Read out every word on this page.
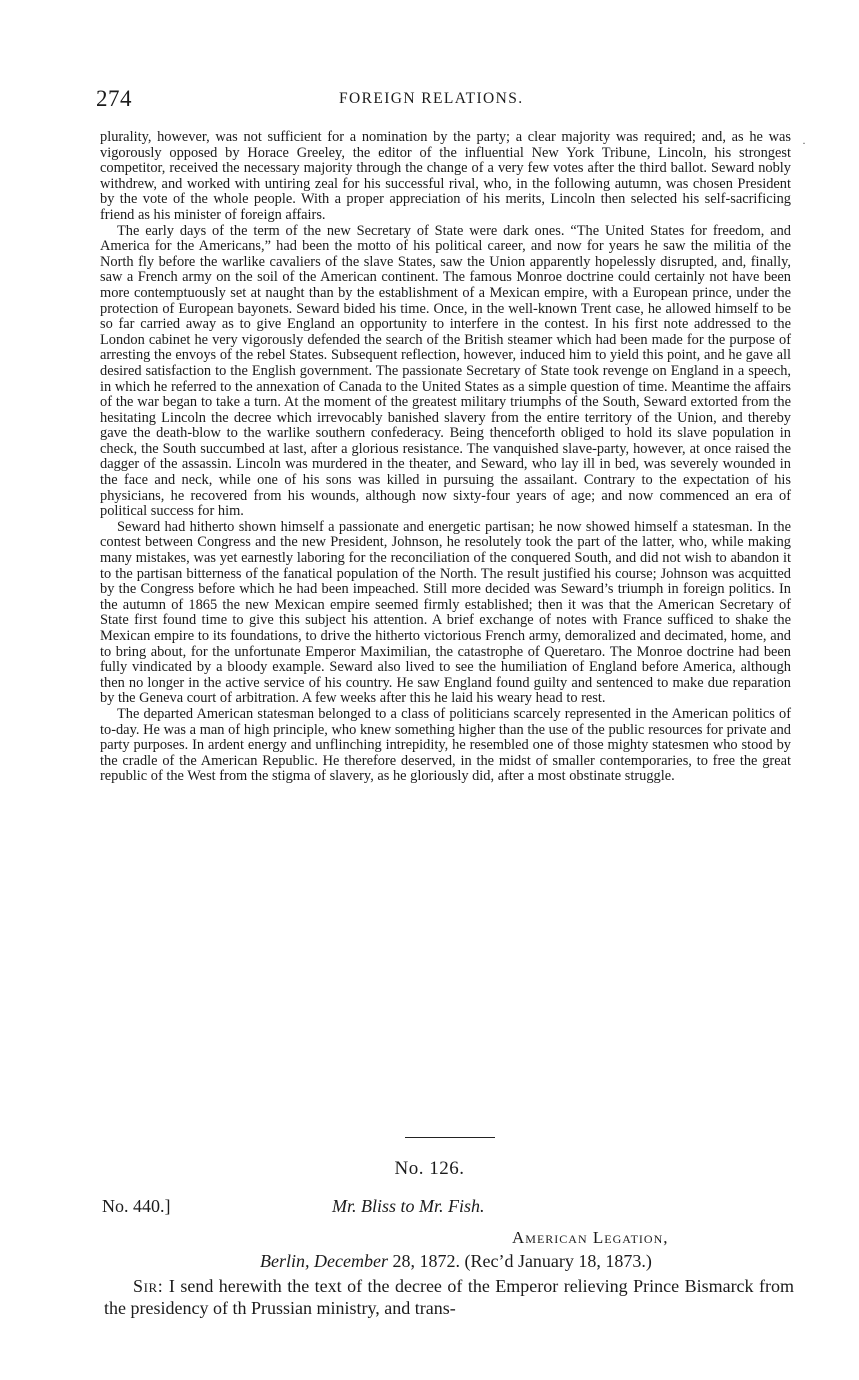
274	FOREIGN RELATIONS.

plurality, however, was not sufficient for a nomination by the party; a clear majority was required; and, as he was vigorously opposed by Horace Greeley, the editor of the influential New York Tribune, Lincoln, his strongest competitor, received the necessary majority through the change of a very few votes after the third ballot. Seward nobly withdrew, and worked with untiring zeal for his successful rival, who, in the following autumn, was chosen President by the vote of the whole people. With a proper appreciation of his merits, Lincoln then selected his self-sacrificing friend as his minister of foreign affairs.

The early days of the term of the new Secretary of State were dark ones. “The United States for freedom, and America for the Americans,” had been the motto of his political career, and now for years he saw the militia of the North fly before the warlike cavaliers of the slave States, saw the Union apparently hopelessly disrupted, and, finally, saw a French army on the soil of the American continent. The famous Monroe doctrine could certainly not have been more contemptuously set at naught than by the establishment of a Mexican empire, with a European prince, under the protection of European bayonets. Seward bided his time. Once, in the well-known Trent case, he allowed himself to be so far carried away as to give England an opportunity to interfere in the contest. In his first note addressed to the London cabinet he very vigorously defended the search of the British steamer which had been made for the purpose of arresting the envoys of the rebel States. Subsequent reflection, however, induced him to yield this point, and he gave all desired satisfaction to the English government. The passionate Secretary of State took revenge on England in a speech, in which he referred to the annexation of Canada to the United States as a simple question of time. Meantime the affairs of the war began to take a turn. At the moment of the greatest military triumphs of the South, Seward extorted from the hesitating Lincoln the decree which irrevocably banished slavery from the entire territory of the Union, and thereby gave the death-blow to the warlike southern confederacy. Being thenceforth obliged to hold its slave population in check, the South succumbed at last, after a glorious resistance. The vanquished slave-party, however, at once raised the dagger of the assassin. Lincoln was murdered in the theater, and Seward, who lay ill in bed, was severely wounded in the face and neck, while one of his sons was killed in pursuing the assailant. Contrary to the expectation of his physicians, he recovered from his wounds, although now sixty-four years of age; and now commenced an era of political success for him.

Seward had hitherto shown himself a passionate and energetic partisan; he now showed himself a statesman. In the contest between Congress and the new President, Johnson, he resolutely took the part of the latter, who, while making many mistakes, was yet earnestly laboring for the reconciliation of the conquered South, and did not wish to abandon it to the partisan bitterness of the fanatical population of the North. The result justified his course; Johnson was acquitted by the Congress before which he had been impeached. Still more decided was Seward’s triumph in foreign politics. In the autumn of 1865 the new Mexican empire seemed firmly established; then it was that the American Secretary of State first found time to give this subject his attention. A brief exchange of notes with France sufficed to shake the Mexican empire to its foundations, to drive the hitherto victorious French army, demoralized and decimated, home, and to bring about, for the unfortunate Emperor Maximilian, the catastrophe of Queretaro. The Monroe doctrine had been fully vindicated by a bloody example. Seward also lived to see the humiliation of England before America, although then no longer in the active service of his country. He saw England found guilty and sentenced to make due reparation by the Geneva court of arbitration. A few weeks after this he laid his weary head to rest.

The departed American statesman belonged to a class of politicians scarcely represented in the American politics of to-day. He was a man of high principle, who knew something higher than the use of the public resources for private and party purposes. In ardent energy and unflinching intrepidity, he resembled one of those mighty statesmen who stood by the cradle of the American Republic. He therefore deserved, in the midst of smaller contemporaries, to free the great republic of the West from the stigma of slavery, as he gloriously did, after a most obstinate struggle.

No. 126.
No. 440.]	Mr. Bliss to Mr. Fish.
American Legation,
Berlin, December 28, 1872. (Rec’d January 18, 1873.)

Sir: I send herewith the text of the decree of the Emperor relieving Prince Bismarck from the presidency of th Prussian ministry, and trans-

·
